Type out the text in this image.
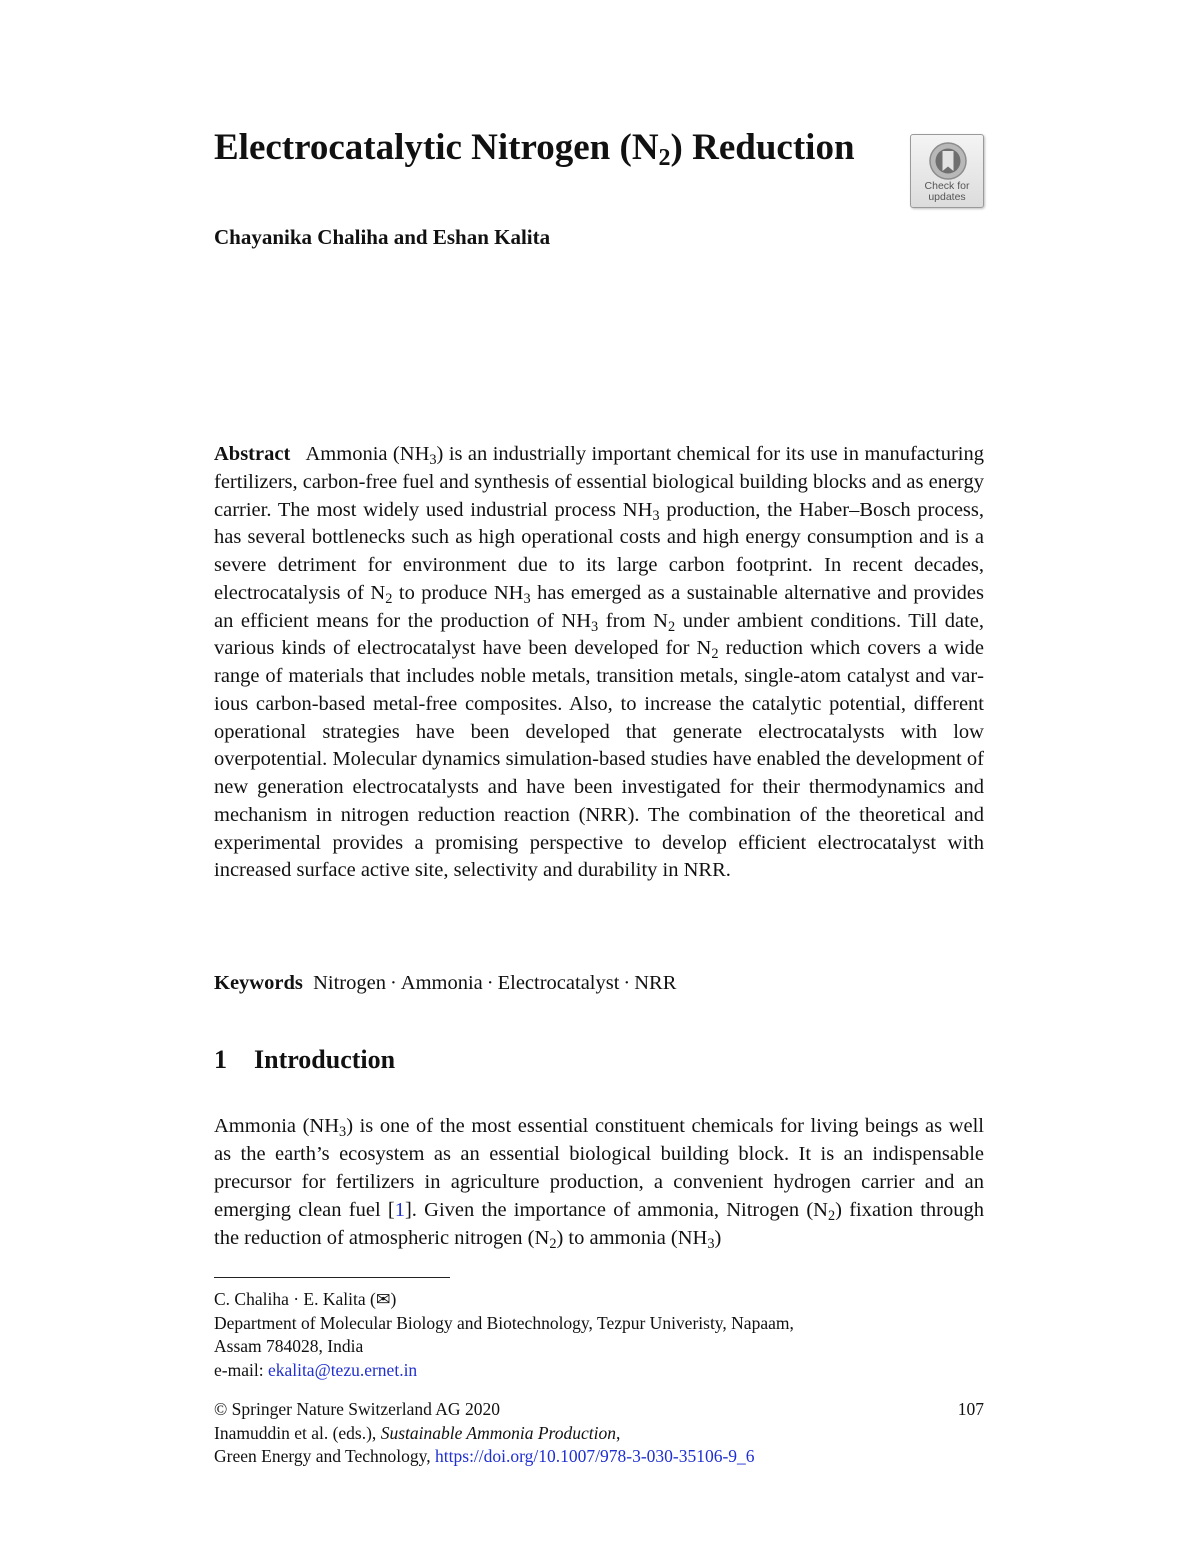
Electrocatalytic Nitrogen $(N_2)$ Reduction
Check for
updates

Chayanika Chaliha and Eshan Kalita

Abstract Ammonia $(NH_3)$ is an industrially important chemical for its use in manufacturing fertilizers, carbon-free fuel and synthesis of essential biological building blocks and as energy carrier. The most widely used industrial process $NH_3$ production, the Haber–Bosch process, has several bottlenecks such as high operational costs and high energy consumption and is a severe detriment for environment due to its large carbon footprint. In recent decades, electrocatalysis of $N_2$ to produce $NH_3$ has emerged as a sustainable alternative and provides an efficient means for the production of $NH_3$ from $N_2$ under ambient conditions. Till date, various kinds of electrocatalyst have been developed for $N_2$ reduction which covers a wide range of materials that includes noble metals, transition metals, single-atom catalyst and various carbon-based metal-free composites. Also, to increase the catalytic potential, different operational strategies have been developed that generate electrocatalysts with low overpotential. Molecular dynamics simulation-based studies have enabled the development of new generation electrocatalysts and have been investigated for their thermodynamics and mechanism in nitrogen reduction reaction (NRR). The combination of the theoretical and experimental provides a promising perspective to develop efficient electrocatalyst with increased surface active site, selectivity and durability in NRR.

Keywords Nitrogen · Ammonia · Electrocatalyst · NRR

1 Introduction

Ammonia $(NH_3)$ is one of the most essential constituent chemicals for living beings as well as the earth’s ecosystem as an essential biological building block. It is an indispensable precursor for fertilizers in agriculture production, a convenient hydrogen carrier and an emerging clean fuel [1]. Given the importance of ammonia, Nitrogen $(N_2)$ fixation through the reduction of atmospheric nitrogen $(N_2)$ to ammonia $(NH_3)$

C. Chaliha · E. Kalita (✉)
Department of Molecular Biology and Biotechnology, Tezpur Univeristy, Napaam,
Assam 784028, India
e-mail: ekalita@tezu.ernet.in
© Springer Nature Switzerland AG 2020	107
Inamuddin et al. (eds.), Sustainable Ammonia Production,
Green Energy and Technology, https://doi.org/10.1007/978-3-030-35106-9_6
